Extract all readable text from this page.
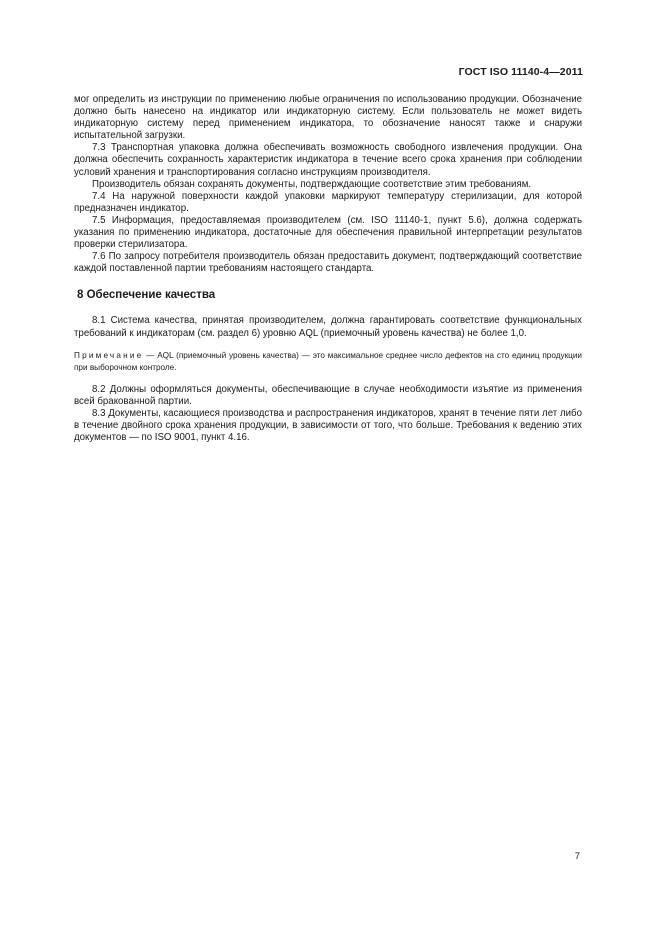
ГОСТ ISO 11140-4—2011

мог определить из инструкции по применению любые ограничения по использованию продукции. Обозначение должно быть нанесено на индикатор или индикаторную систему. Если пользователь не может видеть индикаторную систему перед применением индикатора, то обозначение наносят также и снаружи испытательной загрузки.

7.3 Транспортная упаковка должна обеспечивать возможность свободного извлечения продукции. Она должна обеспечить сохранность характеристик индикатора в течение всего срока хранения при соблюдении условий хранения и транспортирования согласно инструкциям производителя.

Производитель обязан сохранять документы, подтверждающие соответствие этим требованиям.

7.4 На наружной поверхности каждой упаковки маркируют температуру стерилизации, для которой предназначен индикатор.

7.5 Информация, предоставляемая производителем (см. ISO 11140-1, пункт 5.6), должна содержать указания по применению индикатора, достаточные для обеспечения правильной интерпретации результатов проверки стерилизатора.

7.6 По запросу потребителя производитель обязан предоставить документ, подтверждающий соответствие каждой поставленной партии требованиям настоящего стандарта.

8 Обеспечение качества

8.1 Система качества, принятая производителем, должна гарантировать соответствие функциональных требований к индикаторам (см. раздел 6) уровню AQL (приемочный уровень качества) не более 1,0.

Примечание — AQL (приемочный уровень качества) — это максимальное среднее число дефектов на сто единиц продукции при выборочном контроле.

8.2 Должны оформляться документы, обеспечивающие в случае необходимости изъятие из применения всей бракованной партии.

8.3 Документы, касающиеся производства и распространения индикаторов, хранят в течение пяти лет либо в течение двойного срока хранения продукции, в зависимости от того, что больше. Требования к ведению этих документов — по ISO 9001, пункт 4.16.

7
